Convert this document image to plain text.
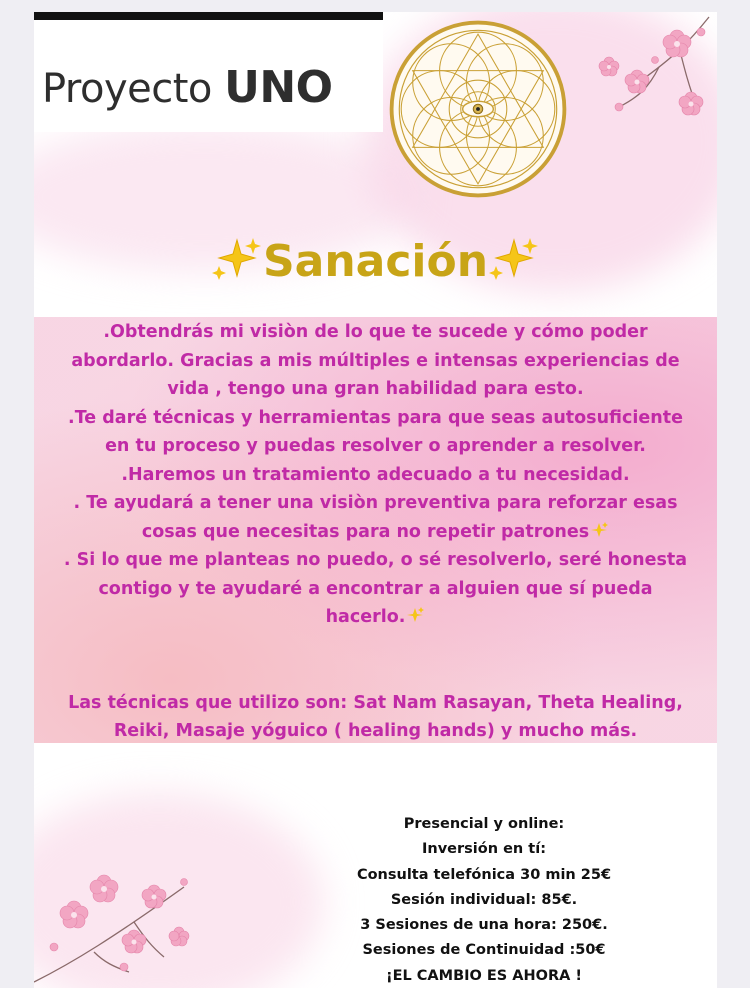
Proyecto UNO
Sanación
.Obtendrás mi visiòn de lo que te sucede y cómo poder
abordarlo. Gracias a mis múltiples e intensas experiencias de
vida , tengo una gran habilidad para esto.
.Te daré técnicas y herramientas para que seas autosuficiente
en tu proceso y puedas resolver o aprender a resolver.
.Haremos un tratamiento adecuado a tu necesidad.
. Te ayudará a tener una visiòn preventiva para reforzar esas
cosas que necesitas para no repetir patrones
. Si lo que me planteas no puedo, o sé resolverlo, seré honesta
contigo y te ayudaré a encontrar a alguien que sí pueda
hacerlo.
Las técnicas que utilizo son: Sat Nam Rasayan, Theta Healing,
Reiki, Masaje yóguico ( healing hands) y mucho más.
Presencial y online:
Inversión en tí:
Consulta telefónica 30 min 25€
Sesión individual: 85€.
3 Sesiones de una hora: 250€.
Sesiones de Continuidad :50€
¡EL CAMBIO ES AHORA !
